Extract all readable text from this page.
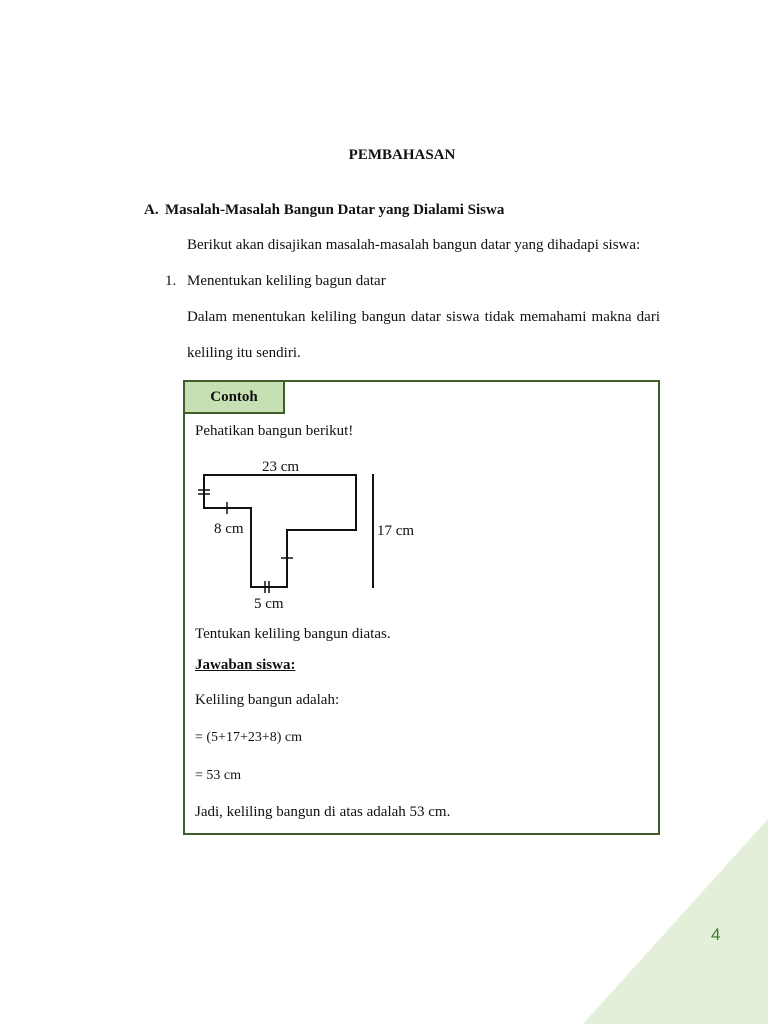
PEMBAHASAN
A. Masalah-Masalah Bangun Datar yang Dialami Siswa
Berikut akan disajikan masalah-masalah bangun datar yang dihadapi siswa:
1. Menentukan keliling bagun datar
Dalam menentukan keliling bangun datar siswa tidak memahami makna dari
keliling itu sendiri.
Contoh
Pehatikan bangun berikut!
23 cm
8 cm	17 cm
5 cm
Tentukan keliling bangun diatas.
Jawaban siswa:
Keliling bangun adalah:
= (5+17+23+8) cm
= 53 cm
Jadi, keliling bangun di atas adalah 53 cm.
4
